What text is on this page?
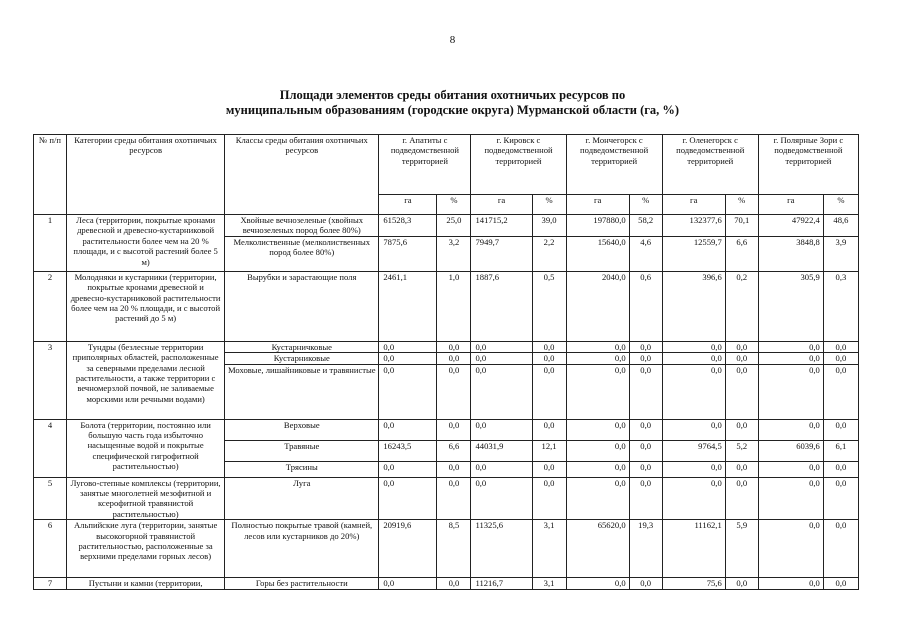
8
Площади элементов среды обитания охотничьих ресурсов по
муниципальным образованиям (городские округа) Мурманской области (га, %)
№ п/п	Категории среды обитания охотничьих ресурсов	Классы среды обитания охотничьих ресурсов	г. Апатиты с подведомственной территорией		г. Кировск с подведомственной территорией		г. Мончегорск с подведомственной территорией		г. Оленегорск с подведомственной территорией		г. Полярные Зори с подведомственной территорией	
			га	%	га	%	га	%	га	%	га	%
1	Леса (территории, покрытые кронами древесной и древесно-кустарниковой растительности более чем на 20 % площади, и с высотой растений более 5 м)	Хвойные вечнозеленые (хвойных вечнозеленых пород более 80%)	61528,3	25,0	141715,2	39,0	197880,0	58,2	132377,6	70,1	47922,4	48,6
		Мелколиственные (мелколиственных пород более 80%)	7875,6	3,2	7949,7	2,2	15640,0	4,6	12559,7	6,6	3848,8	3,9
2	Молодняки и кустарники (территории, покрытые кронами древесной и древесно-кустарниковой растительности более чем на 20 % площади, и с высотой растений до 5 м)	Вырубки и зарастающие поля	2461,1	1,0	1887,6	0,5	2040,0	0,6	396,6	0,2	305,9	0,3
3	Тундры (безлесные территории приполярных областей, расположенные за северными пределами лесной растительности, а также территории с вечномерзлой почвой, не заливаемые морскими или речными водами)	Кустарничковые	0,0	0,0	0,0	0,0	0,0	0,0	0,0	0,0	0,0	0,0
		Кустарниковые	0,0	0,0	0,0	0,0	0,0	0,0	0,0	0,0	0,0	0,0
		Моховые, лишайниковые и травянистые	0,0	0,0	0,0	0,0	0,0	0,0	0,0	0,0	0,0	0,0
4	Болота (территории, постоянно или большую часть года избыточно насыщенные водой и покрытые специфической гигрофитной растительностью)	Верховые	0,0	0,0	0,0	0,0	0,0	0,0	0,0	0,0	0,0	0,0
		Травяные	16243,5	6,6	44031,9	12,1	0,0	0,0	9764,5	5,2	6039,6	6,1
		Трясины	0,0	0,0	0,0	0,0	0,0	0,0	0,0	0,0	0,0	0,0
5	Лугово-степные комплексы (территории, занятые многолетней мезофитной и ксерофитной травянистой растительностью)	Луга	0,0	0,0	0,0	0,0	0,0	0,0	0,0	0,0	0,0	0,0
6	Альпийские луга (территории, занятые высокогорной травянистой растительностью, расположенные за верхними пределами горных лесов)	Полностью покрытые травой (камней, лесов или кустарников до 20%)	20919,6	8,5	11325,6	3,1	65620,0	19,3	11162,1	5,9	0,0	0,0
7	Пустыни и камни (территории,	Горы без растительности	0,0	0,0	11216,7	3,1	0,0	0,0	75,6	0,0	0,0	0,0
